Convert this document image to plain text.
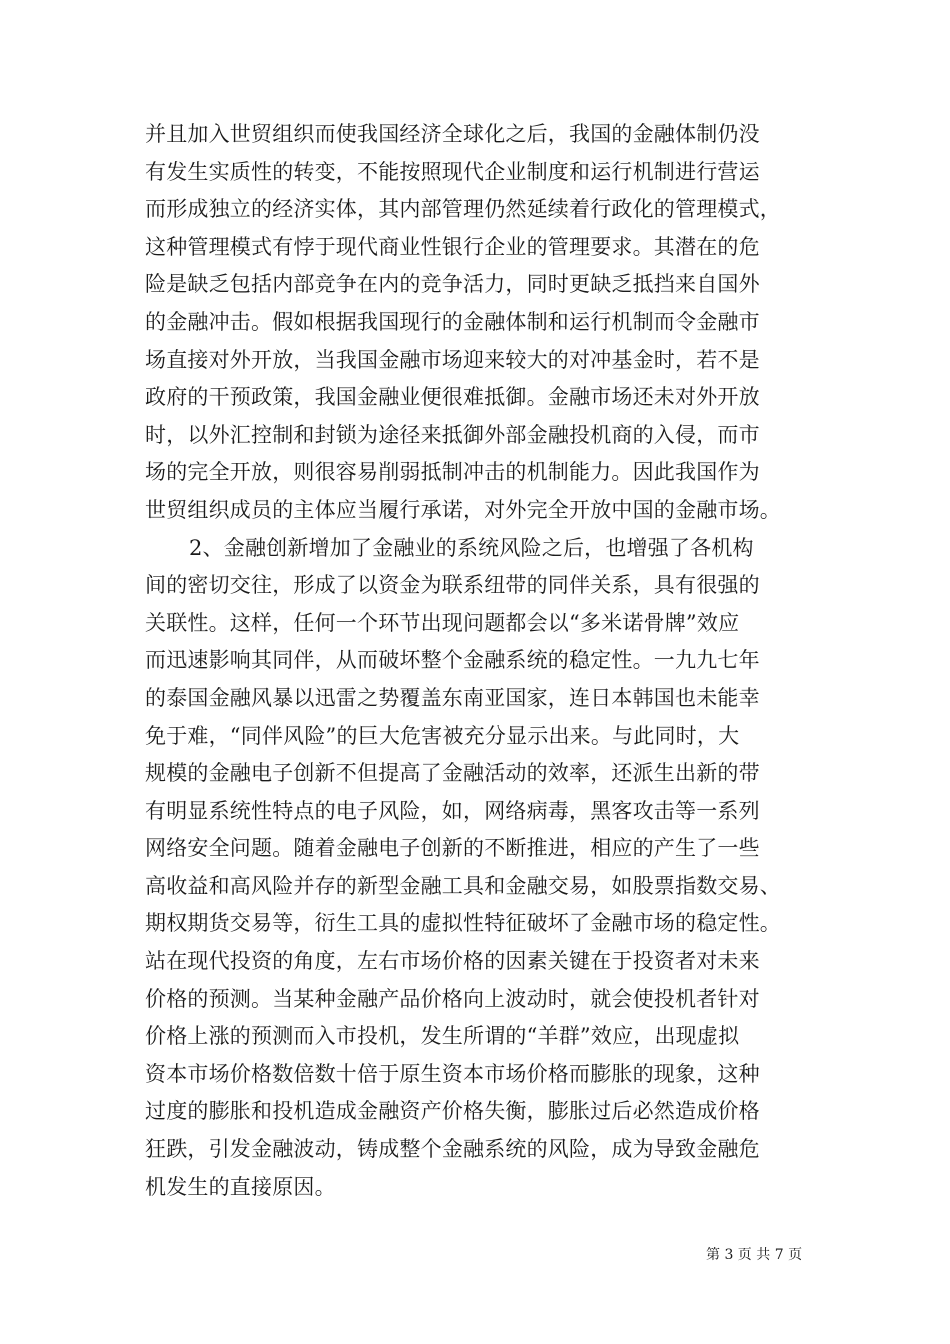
并且加入世贸组织而使我国经济全球化之后，我国的金融体制仍没
有发生实质性的转变，不能按照现代企业制度和运行机制进行营运
而形成独立的经济实体，其内部管理仍然延续着行政化的管理模式，
这种管理模式有悖于现代商业性银行企业的管理要求。其潜在的危
险是缺乏包括内部竞争在内的竞争活力，同时更缺乏抵挡来自国外
的金融冲击。假如根据我国现行的金融体制和运行机制而令金融市
场直接对外开放，当我国金融市场迎来较大的对冲基金时，若不是
政府的干预政策，我国金融业便很难抵御。金融市场还未对外开放
时，以外汇控制和封锁为途径来抵御外部金融投机商的入侵，而市
场的完全开放，则很容易削弱抵制冲击的机制能力。因此我国作为
世贸组织成员的主体应当履行承诺，对外完全开放中国的金融市场。
2、金融创新增加了金融业的系统风险之后，也增强了各机构
间的密切交往，形成了以资金为联系纽带的同伴关系，具有很强的
关联性。这样，任何一个环节出现问题都会以“多米诺骨牌”效应
而迅速影响其同伴，从而破坏整个金融系统的稳定性。一九九七年
的泰国金融风暴以迅雷之势覆盖东南亚国家，连日本韩国也未能幸
免于难，“同伴风险”的巨大危害被充分显示出来。与此同时，大
规模的金融电子创新不但提高了金融活动的效率，还派生出新的带
有明显系统性特点的电子风险，如，网络病毒，黑客攻击等一系列
网络安全问题。随着金融电子创新的不断推进，相应的产生了一些
高收益和高风险并存的新型金融工具和金融交易，如股票指数交易、
期权期货交易等，衍生工具的虚拟性特征破坏了金融市场的稳定性。
站在现代投资的角度，左右市场价格的因素关键在于投资者对未来
价格的预测。当某种金融产品价格向上波动时，就会使投机者针对
价格上涨的预测而入市投机，发生所谓的“羊群”效应，出现虚拟
资本市场价格数倍数十倍于原生资本市场价格而膨胀的现象，这种
过度的膨胀和投机造成金融资产价格失衡，膨胀过后必然造成价格
狂跌，引发金融波动，铸成整个金融系统的风险，成为导致金融危
机发生的直接原因。
第 3 页 共 7 页
